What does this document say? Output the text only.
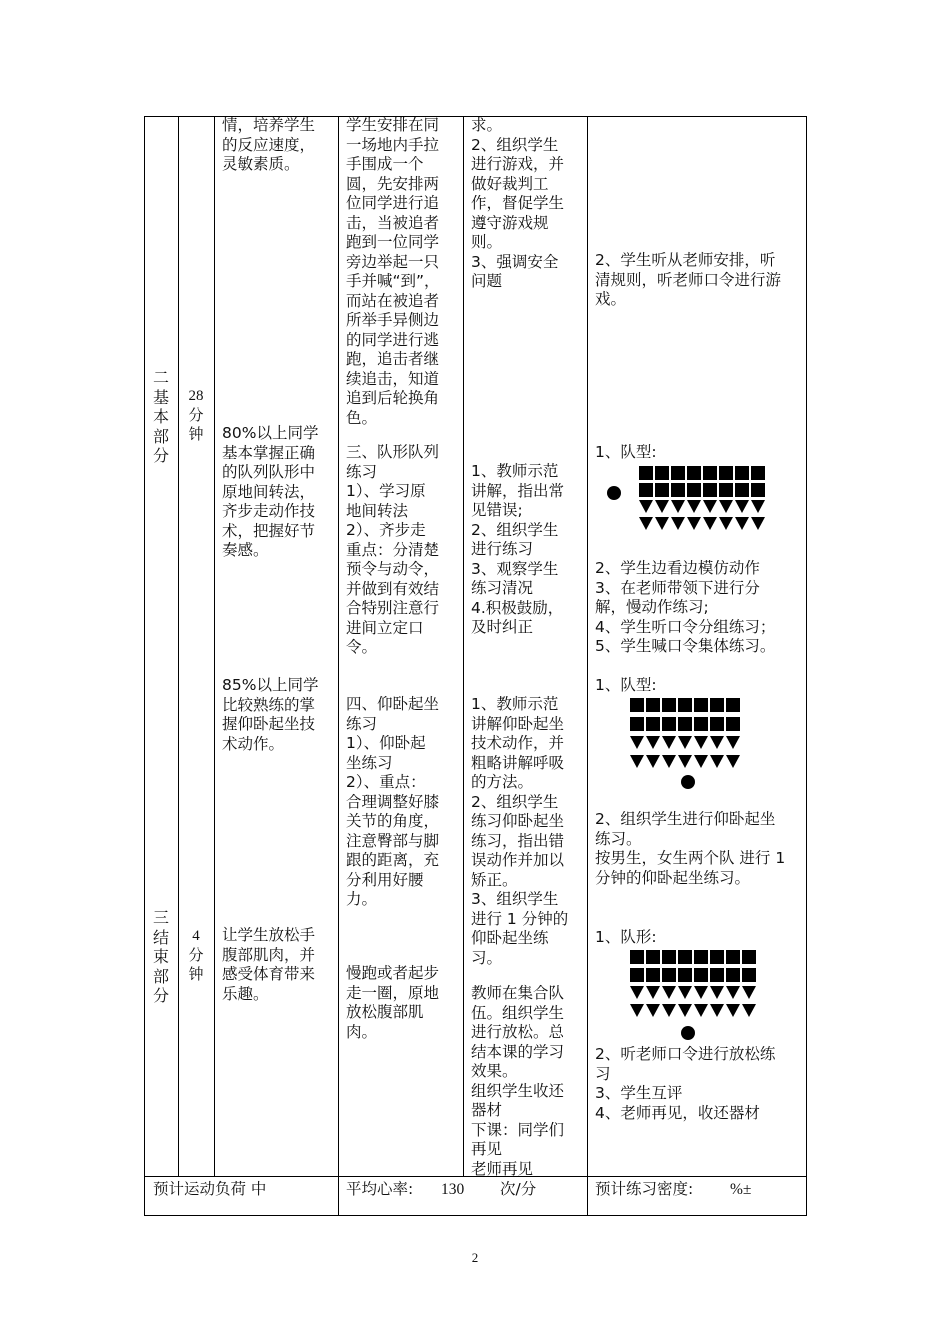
二
基
本
部
分
28
分
钟
三
结
束
部
分
4
分
钟
情，培养学生
的反应速度，
灵敏素质。
80%以上同学
基本掌握正确
的队列队形中
原地间转法，
齐步走动作技
术，把握好节
奏感。
85%以上同学
比较熟练的掌
握仰卧起坐技
术动作。
让学生放松手
腹部肌肉，并
感受体育带来
乐趣。
学生安排在同
一场地内手拉
手围成一个
圆，先安排两
位同学进行追
击，当被追者
跑到一位同学
旁边举起一只
手并喊“到”，
而站在被追者
所举手异侧边
的同学进行逃
跑，追击者继
续追击，知道
追到后轮换角
色。
三、队形队列
练习
1）、学习原
地间转法
2）、齐步走
重点：分清楚
预令与动令，
并做到有效结
合特别注意行
进间立定口
令。
四、仰卧起坐
练习
1）、仰卧起
坐练习
2）、重点：
合理调整好膝
关节的角度，
注意臀部与脚
跟的距离，充
分利用好腰
力。
慢跑或者起步
走一圈，原地
放松腹部肌
肉。
求。
2、组织学生
进行游戏，并
做好裁判工
作，督促学生
遵守游戏规
则。
3、强调安全
问题
1、教师示范
讲解，指出常
见错误;
2、组织学生
进行练习
3、观察学生
练习清况
4.积极鼓励，
及时纠正
1、教师示范
讲解仰卧起坐
技术动作，并
粗略讲解呼吸
的方法。
2、组织学生
练习仰卧起坐
练习，指出错
误动作并加以
矫正。
3、组织学生
进行 1 分钟的
仰卧起坐练
习。
教师在集合队
伍。组织学生
进行放松。总
结本课的学习
效果。
组织学生收还
器材
下课：同学们
再见
老师再见
2、学生听从老师安排，听
清规则，听老师口令进行游
戏。
1、队型:
2、学生边看边模仿动作
3、在老师带领下进行分
解，慢动作练习;
4、学生听口令分组练习；
5、学生喊口令集体练习。
1、队型:
2、组织学生进行仰卧起坐
练习。
按男生，女生两个队 进行 1
分钟的仰卧起坐练习。
1、队形:
2、听老师口令进行放松练
习
3、学生互评
4、老师再见，收还器材
预计运动负荷 中	平均心率: 130 次/分	预计练习密度: %±
2
